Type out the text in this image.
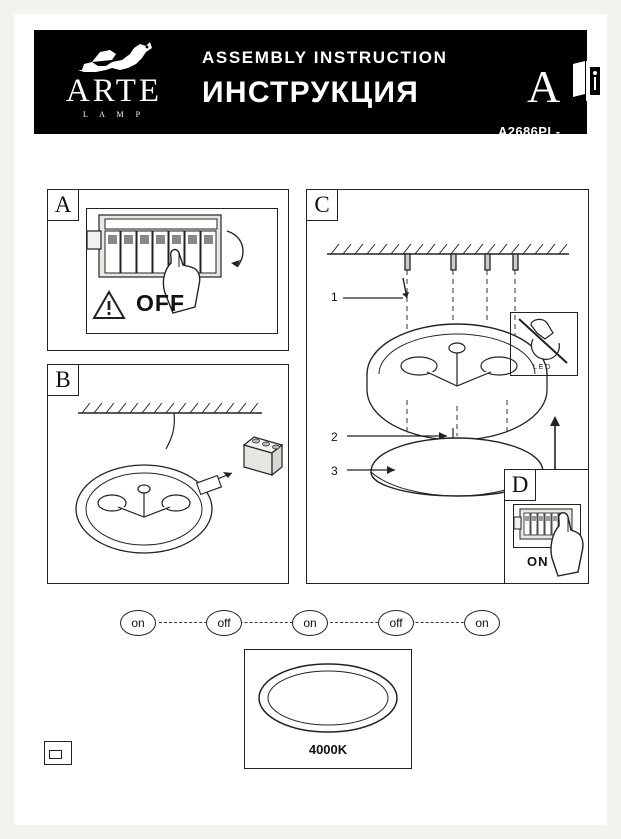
ARTE
L A M P
ASSEMBLY INSTRUCTION
ИНСТРУКЦИЯ A
A2686PL-35BK
A
OFF
B
C
1
2
3
L E D
D
ON
on	off	on	off	on
4000K
